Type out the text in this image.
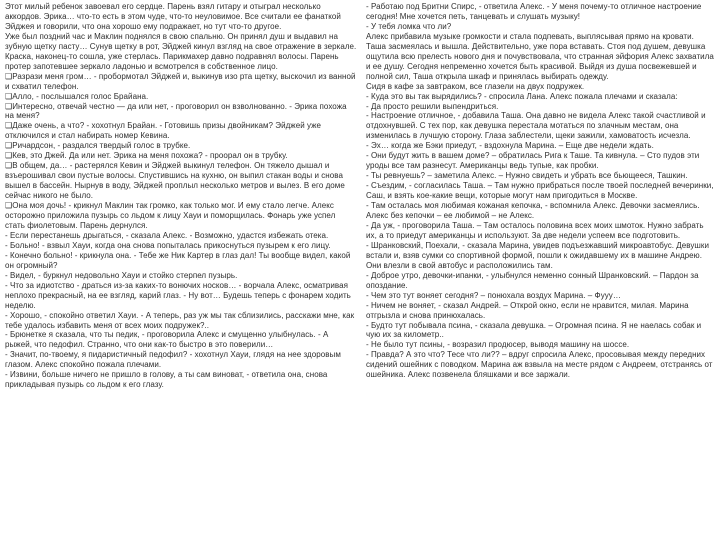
Этот милый ребенок завоевал его сердце. Парень взял гитару и отыграл несколько аккордов. Эрика… что-то есть в этом чуде, что-то неуловимое. Все считали ее фанаткой Эйджея и говорили, что она хорошо ему подражает, но тут что-то другое.

Уже был поздний час и Маклин поднялся в свою спальню. Он принял душ и выдавил на зубную щетку пасту… Сунув щетку в рот, Эйджей кинул взгляд на свое отражение в зеркале. Краска, наконец-то сошла, уже стерлась. Парикмахер давно подравнял волосы. Парень протер запотевшее зеркало ладонью и всмотрелся в собственное лицо.

❑Разрази меня гром… - пробормотал Эйджей и, выкинув изо рта щетку, выскочил из ванной и схватил телефон.

❑Алло, - послышался голос Брайана.

❑Интересно, отвечай честно — да или нет, - проговорил он взволнованно. - Эрика похожа на меня?

❑Даже очень, а что? - хохотнул Брайан. - Готовишь призы двойникам? Эйджей уже отключился и стал набирать номер Кевина.

❑Ричардсон, - раздался твердый голос в трубке.

❑Кев, это Джей. Да или нет. Эрика на меня похожа? - проорал он в трубку.

❑В общем, да… - растерялся Кевин и Эйджей выкинул телефон. Он тяжело дышал и взъерошивал свои пустые волосы. Спустившись на кухню, он выпил стакан воды и снова вышел в бассейн. Нырнув в воду, Эйджей проплыл несколько метров и вылез. В его доме сейчас никого не было.

❑Она моя дочь! - крикнул Маклин так громко, как только мог. И ему стало легче. Алекс осторожно приложила пузырь со льдом к лицу Хауи и поморщилась. Фонарь уже успел стать фиолетовым. Парень дернулся.

- Если перестанешь дрыгаться, - сказала Алекс. - Возможно, удастся избежать отека.

- Больно! - взвыл Хауи, когда она снова попыталась прикоснуться пузырем к его лицу.

- Конечно больно! - крикнула она. - Тебе же Ник Картер в глаз дал! Ты вообще видел, какой он огромный?

- Видел, - буркнул недовольно Хауи и стойко стерпел пузырь.

- Что за идиотство - драться из-за каких-то вонючих носков… - ворчала Алекс, осматривая неплохо прекрасный, на ее взгляд, карий глаз. - Ну вот… Будешь теперь с фонарем ходить неделю.

- Хорошо, - спокойно ответил Хауи. - А теперь, раз уж мы так сблизились, расскажи мне, как тебе удалось избавить меня от всех моих подружек?..

- Брюнетке я сказала, что ты педик, - проговорила Алекс и смущенно улыбнулась. - А рыжей, что педофил. Странно, что они как-то быстро в это поверили…

- Значит, по-твоему, я пидаристичный педофил? - хохотнул Хауи, глядя на нее здоровым глазом. Алекс спокойно пожала плечами.

- Извини, больше ничего не пришло в голову, а ты сам виноват, - ответила она, снова прикладывая пузырь со льдом к его глазу.

- Работаю под Бритни Спирс, - ответила Алекс. - У меня почему-то отличное настроение сегодня! Мне хочется петь, танцевать и слушать музыку!

- У тебя ломка что ли?

Алекс прибавила музыке громкости и стала подпевать, выплясывая прямо на кровати. Таша засмеялась и вышла. Действительно, уже пора вставать. Стоя под душем, девушка ощутила всю прелесть нового дня и почувствовала, что странная эйфория Алекс захватила и ее душу. Сегодня непременно хочется быть красивой. Выйдя из душа посвежевшей и полной сил, Таша открыла шкаф и принялась выбирать одежду.

Сидя в кафе за завтраком, все глазели на двух подружек.

- Куда это вы так вырядились? - спросила Лана. Алекс пожала плечами и сказала:

- Да просто решили выпендриться.

- Настроение отличное, - добавила Таша. Она давно не видела Алекс такой счастливой и отдохнувшей. С тех пор, как девушка перестала мотаться по злачным местам, она изменилась в лучшую сторону. Глаза заблестели, щеки зажили, хамоватость исчезла.

- Эх… когда же Бэки приедут, - вздохнула Марина. – Еще две недели ждать.

- Они будут жить в вашем доме? – обратилась Рига к Таше. Та кивнула. – Сто пудов эти уроды все там разнесут. Американцы ведь тупые, как пробки.

- Ты ревнуешь? – заметила Алекс. – Нужно свидеть и убрать все бьющееся, Ташкин.

- Съездим, - согласилась Таша. – Там нужно прибраться после твоей последней вечеринки, Саш, и взять кое-какие вещи, которые могут нам пригодиться в Москве.

- Там осталась моя любимая кожаная кепочка, - вспомнила Алекс. Девочки засмеялись. Алекс без кепочки – ее любимой – не Алекс.

- Да уж, - проговорила Таша. – Там осталось половина всех моих шмоток. Нужно забрать их, а то приедут американцы и используют. За две недели успеем все подготовить.

- Шранковский, Поехали, - сказала Марина, увидев подъезжавший микроавтобус. Девушки встали и, взяв сумки со спортивной формой, пошли к ожидавшему их в машине Андрею. Они влезли в свой автобус и расположились там.

- Доброе утро, девочки-ипанки, - улыбнулся неменно сонный Шранковский. – Пардон за опоздание.

- Чем это тут воняет сегодня? – понюхала воздух Марина. – Фууу…

- Ничем не воняет, - сказал Андрей. – Открой окно, если не нравится, милая. Марина отгрызла и снова принюхалась.

- Будто тут побывала псина, - сказала девушка. – Огромная псина. Я не наелась собак и чую их за километр..

- Не было тут псины, - возразил продюсер, выводя машину на шоссе.

- Правда? А это что? Тесе что ли?? – вдруг спросила Алекс, просовывая между передних сидений ошейник с поводком. Марина аж взвыла на месте рядом с Андреем, отстранясь от ошейника. Алекс позвенела бляшками и все заржали.
